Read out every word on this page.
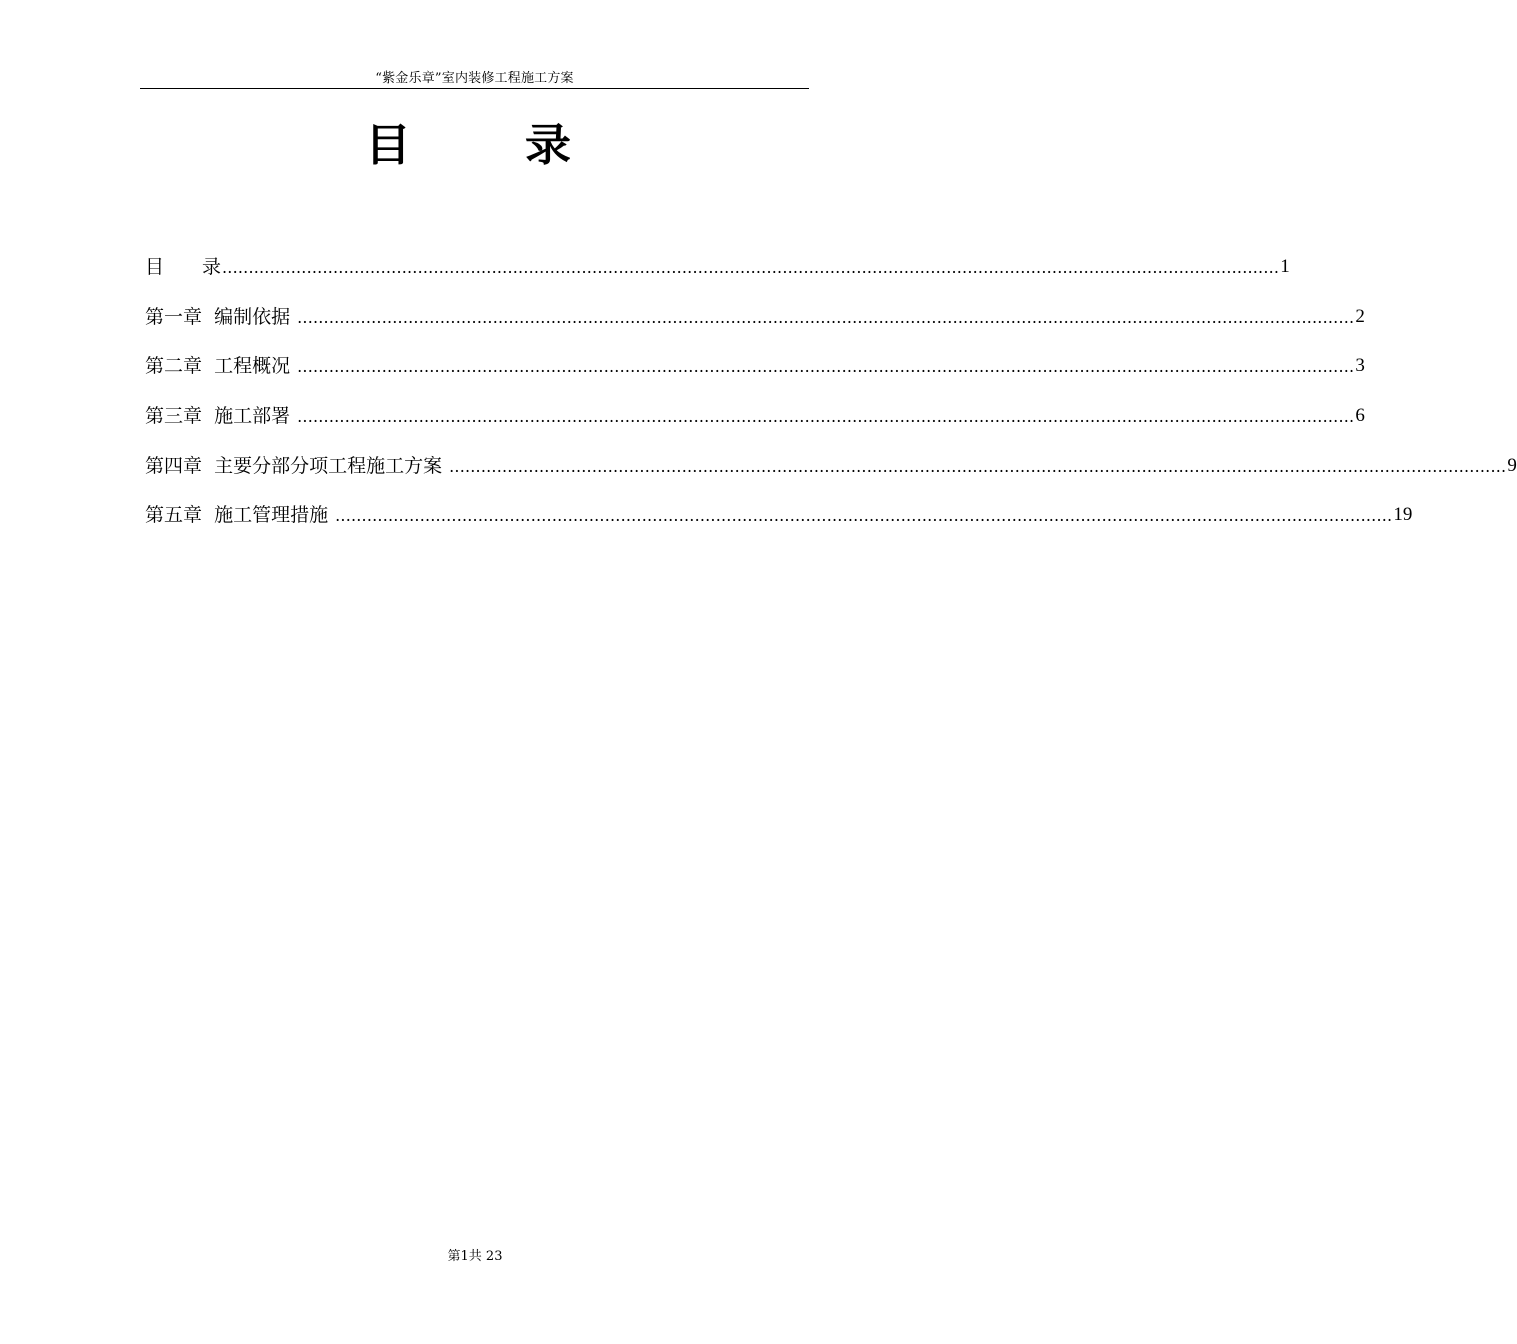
“紫金乐章”室内装修工程施工方案
目	录
目　　录 ........................................................................................................................................................................................................ 1
第一章  编制依据 ........................................................................................................................................................................................................ 2
第二章  工程概况 ........................................................................................................................................................................................................ 3
第三章  施工部署 ........................................................................................................................................................................................................ 6
第四章  主要分部分项工程施工方案 ........................................................................................................................................................................................................ 9
第五章  施工管理措施 ........................................................................................................................................................................................................ 19
第1共 23
